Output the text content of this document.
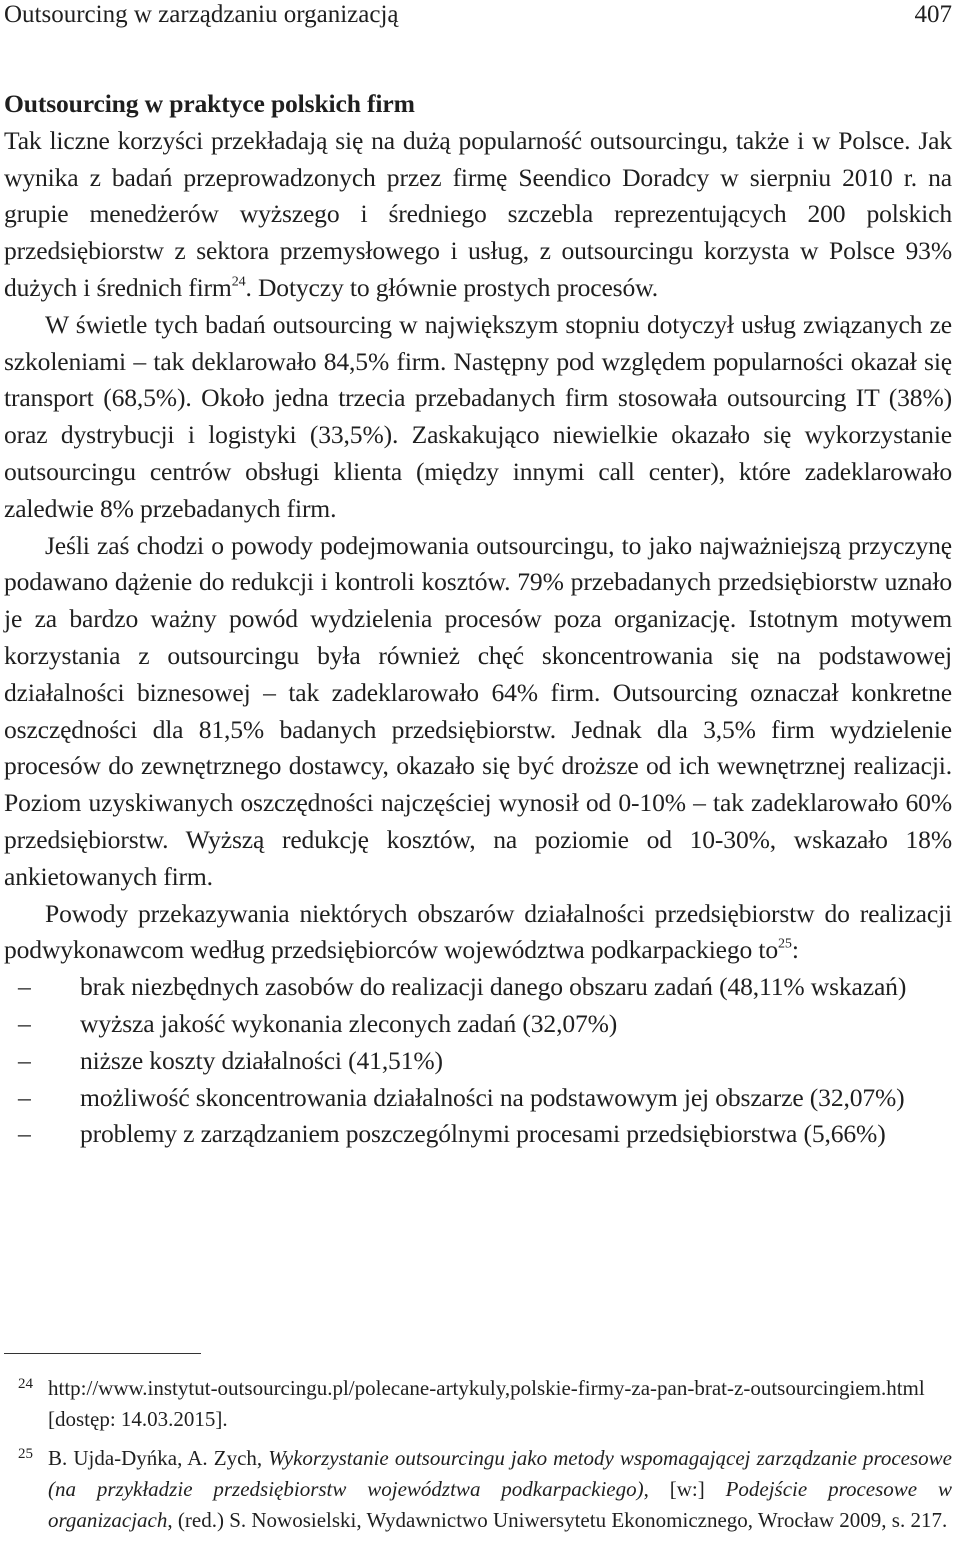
Outsourcing w zarządzaniu organizacją	407
Outsourcing w praktyce polskich firm

Tak liczne korzyści przekładają się na dużą popularność outsourcingu, także i w Polsce. Jak wynika z badań przeprowadzonych przez firmę Seendico Doradcy w sierpniu 2010 r. na grupie menedżerów wyższego i średniego szczebla reprezentujących 200 polskich przedsiębiorstw z sektora przemysłowego i usług, z outsourcingu korzysta w Polsce 93% dużych i średnich firm$^{24}$. Dotyczy to głównie prostych procesów.

W świetle tych badań outsourcing w największym stopniu dotyczył usług związanych ze szkoleniami – tak deklarowało 84,5% firm. Następny pod względem popularności okazał się transport (68,5%). Około jedna trzecia przebadanych firm stosowała outsourcing IT (38%) oraz dystrybucji i logistyki (33,5%). Zaskakująco niewielkie okazało się wykorzystanie outsourcingu centrów obsługi klienta (między innymi call center), które zadeklarowało zaledwie 8% przebadanych firm.

Jeśli zaś chodzi o powody podejmowania outsourcingu, to jako najważniejszą przyczynę podawano dążenie do redukcji i kontroli kosztów. 79% przebadanych przedsiębiorstw uznało je za bardzo ważny powód wydzielenia procesów poza organizację. Istotnym motywem korzystania z outsourcingu była również chęć skoncentrowania się na podstawowej działalności biznesowej – tak zadeklarowało 64% firm. Outsourcing oznaczał konkretne oszczędności dla 81,5% badanych przedsiębiorstw. Jednak dla 3,5% firm wydzielenie procesów do zewnętrznego dostawcy, okazało się być droższe od ich wewnętrznej realizacji. Poziom uzyskiwanych oszczędności najczęściej wynosił od 0-10% – tak zadeklarowało 60% przedsiębiorstw. Wyższą redukcję kosztów, na poziomie od 10-30%, wskazało 18% ankietowanych firm.

Powody przekazywania niektórych obszarów działalności przedsiębiorstw do realizacji podwykonawcom według przedsiębiorców województwa podkarpackiego $to^{25}$:

– brak niezbędnych zasobów do realizacji danego obszaru zadań (48,11% wskazań)
– wyższa jakość wykonania zleconych zadań (32,07%)
– niższe koszty działalności (41,51%)
– możliwość skoncentrowania działalności na podstawowym jej obszarze (32,07%)
– problemy z zarządzaniem poszczególnymi procesami przedsiębiorstwa (5,66%)
24 http://www.instytut-outsourcingu.pl/polecane-artykuly,polskie-firmy-za-pan-brat-z-outsourcingiem.html [dostęp: 14.03.2015].
25 B. Ujda-Dyńka, A. Zych, Wykorzystanie outsourcingu jako metody wspomagającej zarządzanie procesowe (na przykładzie przedsiębiorstw województwa podkarpackiego), [w:] Podejście procesowe w organizacjach, (red.) S. Nowosielski, Wydawnictwo Uniwersytetu Ekonomicznego, Wrocław 2009, s. 217.
